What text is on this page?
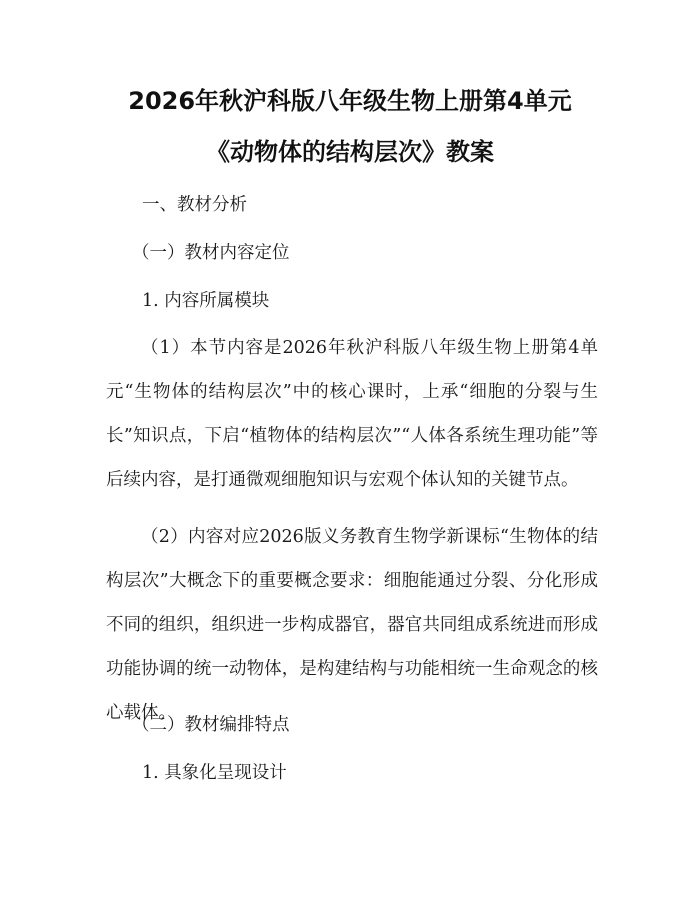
2026年秋沪科版八年级生物上册第4单元
《动物体的结构层次》教案
一、教材分析
（一）教材内容定位
1. 内容所属模块
（1）本节内容是2026年秋沪科版八年级生物上册第4单元“生物体的结构层次”中的核心课时，上承“细胞的分裂与生长”知识点，下启“植物体的结构层次”“人体各系统生理功能”等后续内容，是打通微观细胞知识与宏观个体认知的关键节点。
（2）内容对应2026版义务教育生物学新课标“生物体的结构层次”大概念下的重要概念要求：细胞能通过分裂、分化形成不同的组织，组织进一步构成器官，器官共同组成系统进而形成功能协调的统一动物体，是构建结构与功能相统一生命观念的核心载体。
（二）教材编排特点
1. 具象化呈现设计
